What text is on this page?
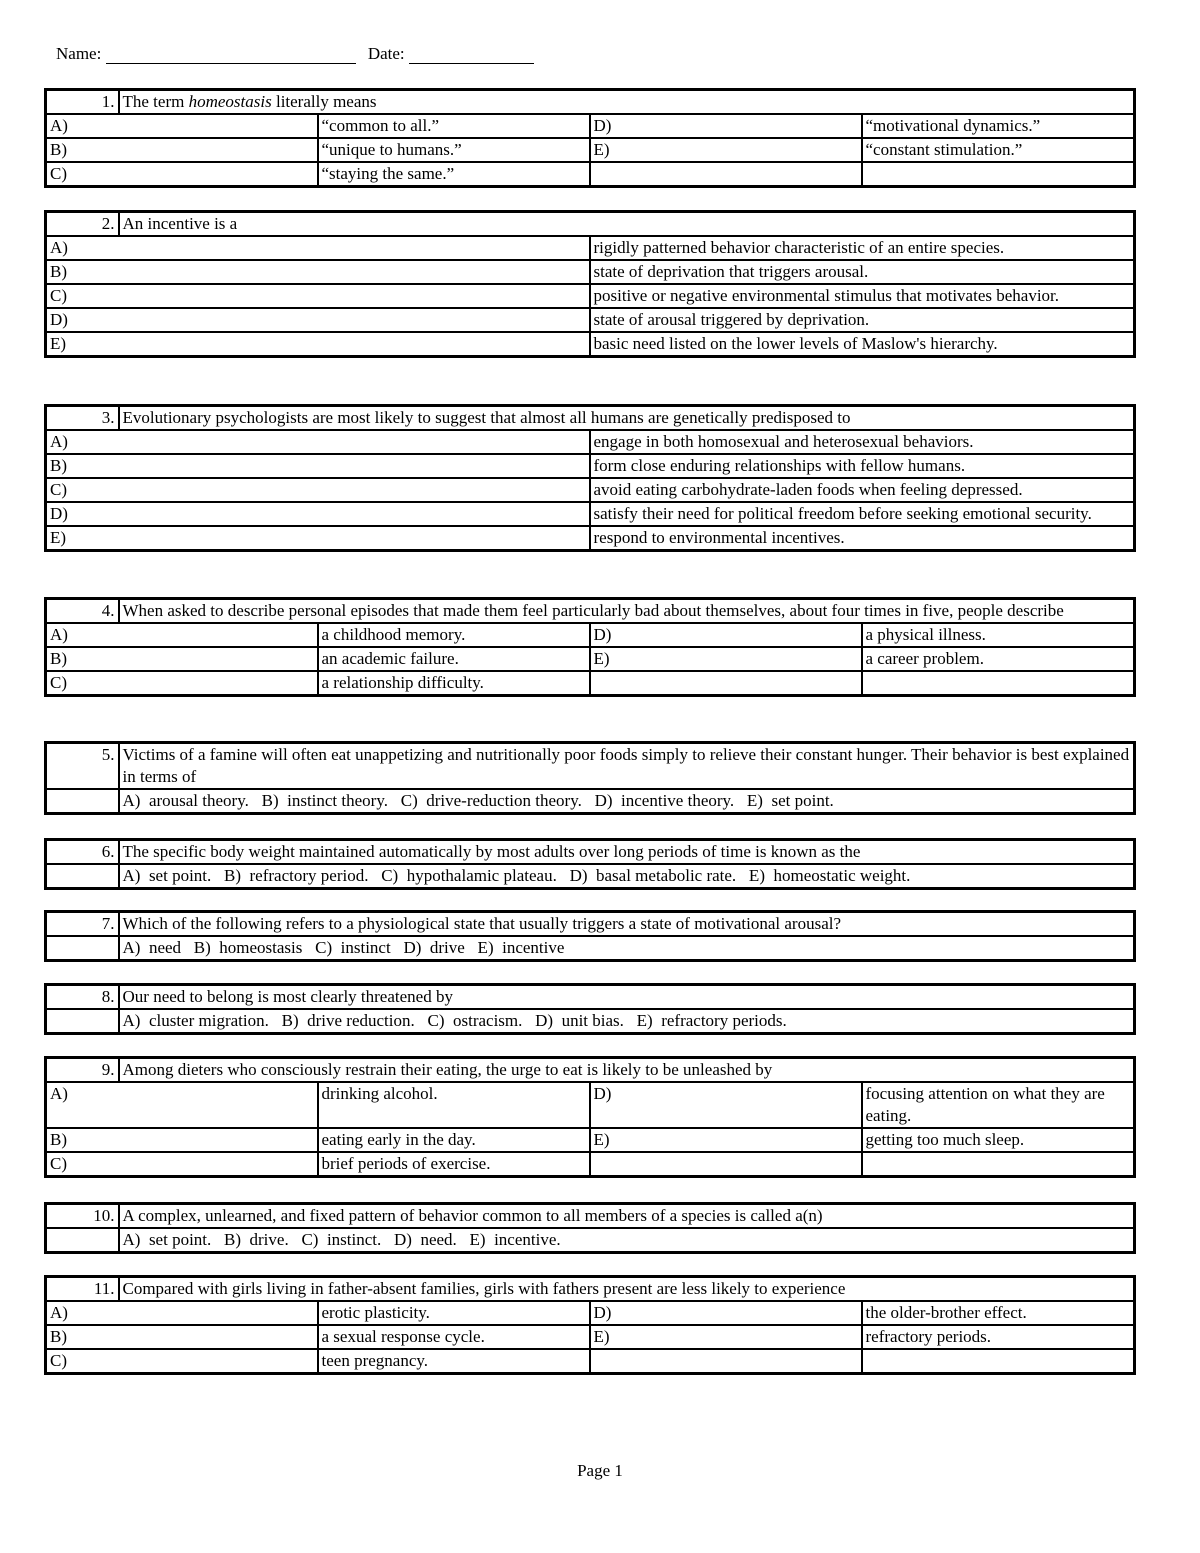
Name:	Date:
1.	The term homeostasis literally means			
A)		“common to all.”	D)	“motivational dynamics.”
B)		“unique to humans.”	E)	“constant stimulation.”
C)		“staying the same.”		
2.	An incentive is a	
A)		rigidly patterned behavior characteristic of an entire species.
B)		state of deprivation that triggers arousal.
C)		positive or negative environmental stimulus that motivates behavior.
D)		state of arousal triggered by deprivation.
E)		basic need listed on the lower levels of Maslow's hierarchy.
3.	Evolutionary psychologists are most likely to suggest that almost all humans are genetically predisposed to	
A)		engage in both homosexual and heterosexual behaviors.
B)		form close enduring relationships with fellow humans.
C)		avoid eating carbohydrate-laden foods when feeling depressed.
D)		satisfy their need for political freedom before seeking emotional security.
E)		respond to environmental incentives.
4.	When asked to describe personal episodes that made them feel particularly bad about themselves, about four times in five, people describe			
A)		a childhood memory.	D)	a physical illness.
B)		an academic failure.	E)	a career problem.
C)		a relationship difficulty.		
5.	Victims of a famine will often eat unappetizing and nutritionally poor foods simply to relieve their constant hunger. Their behavior is best explained in terms of
	A)  arousal theory.   B)  instinct theory.   C)  drive-reduction theory.   D)  incentive theory.   E)  set point.
6.	The specific body weight maintained automatically by most adults over long periods of time is known as the
	A)  set point.   B)  refractory period.   C)  hypothalamic plateau.   D)  basal metabolic rate.   E)  homeostatic weight.
7.	Which of the following refers to a physiological state that usually triggers a state of motivational arousal?
	A)  need   B)  homeostasis   C)  instinct   D)  drive   E)  incentive
8.	Our need to belong is most clearly threatened by
	A)  cluster migration.   B)  drive reduction.   C)  ostracism.   D)  unit bias.   E)  refractory periods.
9.	Among dieters who consciously restrain their eating, the urge to eat is likely to be unleashed by			
A)		drinking alcohol.	D)	focusing attention on what they are eating.
B)		eating early in the day.	E)	getting too much sleep.
C)		brief periods of exercise.		
10.	A complex, unlearned, and fixed pattern of behavior common to all members of a species is called a(n)
	A)  set point.   B)  drive.   C)  instinct.   D)  need.   E)  incentive.
11.	Compared with girls living in father-absent families, girls with fathers present are less likely to experience			
A)		erotic plasticity.	D)	the older-brother effect.
B)		a sexual response cycle.	E)	refractory periods.
C)		teen pregnancy.		
Page 1
